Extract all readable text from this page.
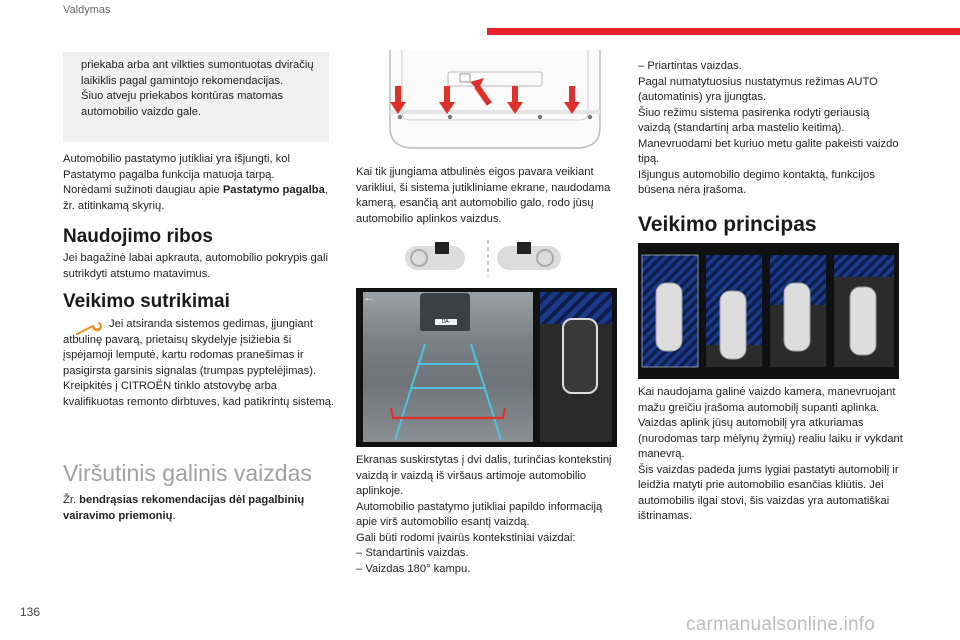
Valdymas
priekaba arba ant vilkties sumontuotas dviračių laikiklis pagal gamintojo rekomendacijas.
Šiuo atveju priekabos kontūras matomas automobilio vaizdo gale.
Automobilio pastatymo jutikliai yra išjungti, kol Pastatymo pagalba funkcija matuoja tarpą.
Norėdami sužinoti daugiau apie Pastatymo pagalba, žr. atitinkamą skyrių.
Naudojimo ribos
Jei bagažinė labai apkrauta, automobilio pokrypis gali sutrikdyti atstumo matavimus.
Veikimo sutrikimai
Jei atsiranda sistemos gedimas, įjungiant atbulinę pavarą, prietaisų skydelyje įsižiebia ši įspėjamoji lemputė, kartu rodomas pranešimas ir pasigirsta garsinis signalas (trumpas pyptelėjimas).
Kreipkitės į CITROËN tinklo atstovybę arba kvalifikuotas remonto dirbtuves, kad patikrintų sistemą.
Viršutinis galinis vaizdas
Žr. bendrąsias rekomendacijas dėl pagalbinių vairavimo priemonių.
Kai tik įjungiama atbulinės eigos pavara veikiant varikliui, ši sistema jutikliniame ekrane, naudodama kamerą, esančią ant automobilio galo, rodo jūsų automobilio aplinkos vaizdus.
DA-
←
Ekranas suskirstytas į dvi dalis, turinčias kontekstinį vaizdą ir vaizdą iš viršaus artimoje automobilio aplinkoje.
Automobilio pastatymo jutikliai papildo informaciją apie virš automobilio esantį vaizdą.
Gali būti rodomi įvairūs kontekstiniai vaizdai:
– Standartinis vaizdas.
– Vaizdas 180° kampu.
– Priartintas vaizdas.
Pagal numatytuosius nustatymus režimas AUTO (automatinis) yra įjungtas.
Šiuo režimu sistema pasirenka rodyti geriausią vaizdą (standartinį arba mastelio keitimą).
Manevruodami bet kuriuo metu galite pakeisti vaizdo tipą.
Išjungus automobilio degimo kontaktą, funkcijos būsena nėra įrašoma.
Veikimo principas
Kai naudojama galinė vaizdo kamera, manevruojant mažu greičiu įrašoma automobilį supanti aplinka.
Vaizdas aplink jūsų automobilį yra atkuriamas (nurodomas tarp mėlynų žymių) realiu laiku ir vykdant manevrą.
Šis vaizdas padeda jums lygiai pastatyti automobilį ir leidžia matyti prie automobilio esančias kliūtis. Jei automobilis ilgai stovi, šis vaizdas yra automatiškai ištrinamas.
136
carmanualsonline.info
